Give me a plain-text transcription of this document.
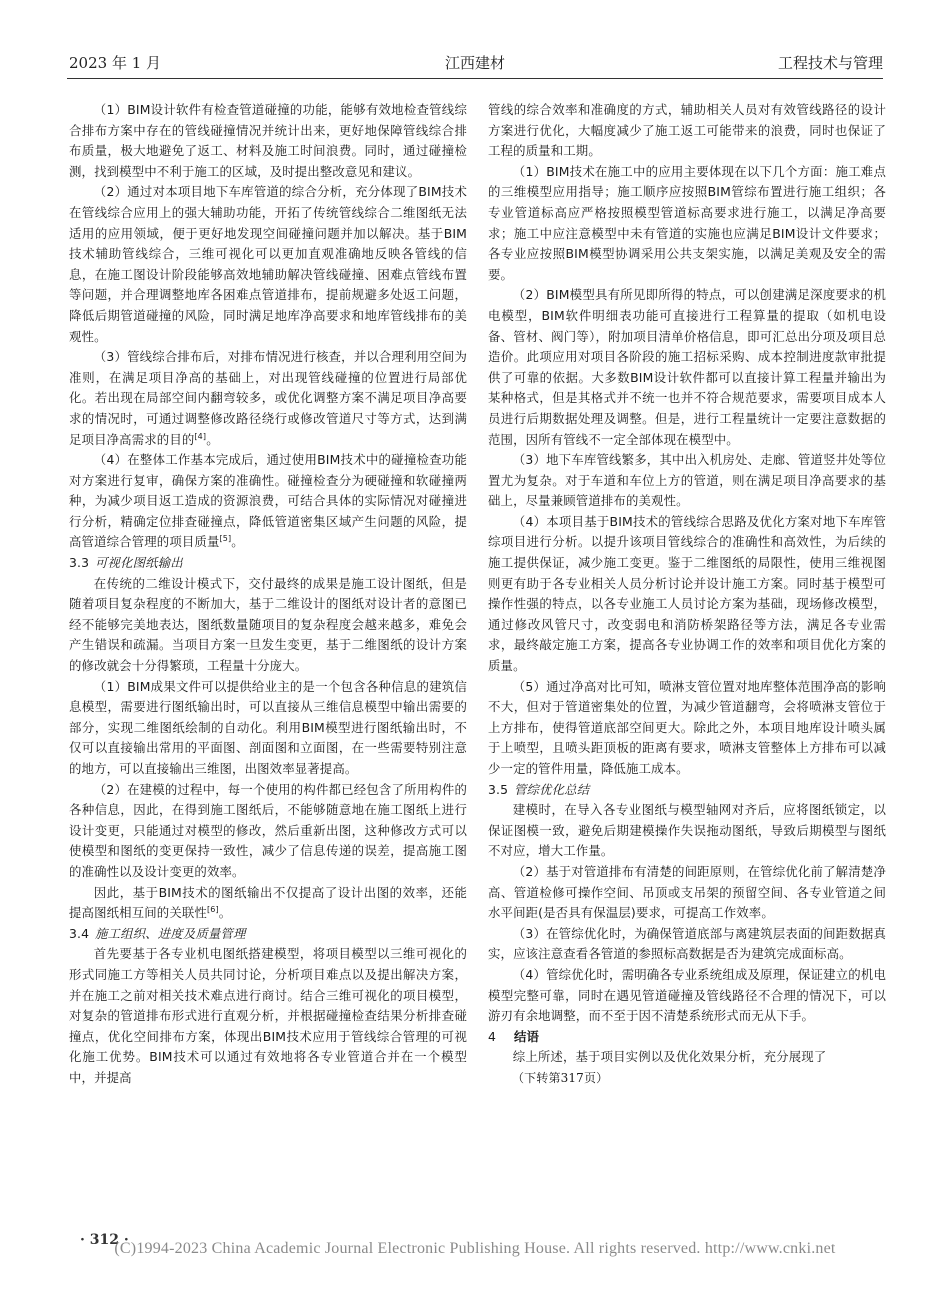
2023 年 1 月	江西建材	工程技术与管理

（1）BIM设计软件有检查管道碰撞的功能，能够有效地检查管线综合排布方案中存在的管线碰撞情况并统计出来，更好地保障管线综合排布质量，极大地避免了返工、材料及施工时间浪费。同时，通过碰撞检测，找到模型中不利于施工的区域，及时提出整改意见和建议。

（2）通过对本项目地下车库管道的综合分析，充分体现了BIM技术在管线综合应用上的强大辅助功能，开拓了传统管线综合二维图纸无法适用的应用领域，便于更好地发现空间碰撞问题并加以解决。基于BIM技术辅助管线综合，三维可视化可以更加直观准确地反映各管线的信息，在施工图设计阶段能够高效地辅助解决管线碰撞、困难点管线布置等问题，并合理调整地库各困难点管道排布，提前规避多处返工问题，降低后期管道碰撞的风险，同时满足地库净高要求和地库管线排布的美观性。

（3）管线综合排布后，对排布情况进行核查，并以合理利用空间为准则，在满足项目净高的基础上，对出现管线碰撞的位置进行局部优化。若出现在局部空间内翻弯较多，或优化调整方案不满足项目净高要求的情况时，可通过调整修改路径绕行或修改管道尺寸等方式，达到满足项目净高需求的目的[4]。

（4）在整体工作基本完成后，通过使用BIM技术中的碰撞检查功能对方案进行复审，确保方案的准确性。碰撞检查分为硬碰撞和软碰撞两种，为减少项目返工造成的资源浪费，可结合具体的实际情况对碰撞进行分析，精确定位排查碰撞点，降低管道密集区域产生问题的风险，提高管道综合管理的项目质量[5]。

3.3 可视化图纸输出

在传统的二维设计模式下，交付最终的成果是施工设计图纸，但是随着项目复杂程度的不断加大，基于二维设计的图纸对设计者的意图已经不能够完美地表达，图纸数量随项目的复杂程度会越来越多，难免会产生错误和疏漏。当项目方案一旦发生变更，基于二维图纸的设计方案的修改就会十分得繁琐，工程量十分庞大。

（1）BIM成果文件可以提供给业主的是一个包含各种信息的建筑信息模型，需要进行图纸输出时，可以直接从三维信息模型中输出需要的部分，实现二维图纸绘制的自动化。利用BIM模型进行图纸输出时，不仅可以直接输出常用的平面图、剖面图和立面图，在一些需要特别注意的地方，可以直接输出三维图，出图效率显著提高。

（2）在建模的过程中，每一个使用的构件都已经包含了所用构件的各种信息，因此，在得到施工图纸后，不能够随意地在施工图纸上进行设计变更，只能通过对模型的修改，然后重新出图，这种修改方式可以使模型和图纸的变更保持一致性，减少了信息传递的误差，提高施工图的准确性以及设计变更的效率。

因此，基于BIM技术的图纸输出不仅提高了设计出图的效率，还能提高图纸相互间的关联性[6]。

3.4 施工组织、进度及质量管理

首先要基于各专业机电图纸搭建模型，将项目模型以三维可视化的形式同施工方等相关人员共同讨论，分析项目难点以及提出解决方案，并在施工之前对相关技术难点进行商讨。结合三维可视化的项目模型，对复杂的管道排布形式进行直观分析，并根据碰撞检查结果分析排查碰撞点，优化空间排布方案，体现出BIM技术应用于管线综合管理的可视化施工优势。BIM技术可以通过有效地将各专业管道合并在一个模型中，并提高

管线的综合效率和准确度的方式，辅助相关人员对有效管线路径的设计方案进行优化，大幅度减少了施工返工可能带来的浪费，同时也保证了工程的质量和工期。

（1）BIM技术在施工中的应用主要体现在以下几个方面：施工难点的三维模型应用指导；施工顺序应按照BIM管综布置进行施工组织；各专业管道标高应严格按照模型管道标高要求进行施工，以满足净高要求；施工中应注意模型中未有管道的实施也应满足BIM设计文件要求；各专业应按照BIM模型协调采用公共支架实施，以满足美观及安全的需要。

（2）BIM模型具有所见即所得的特点，可以创建满足深度要求的机电模型，BIM软件明细表功能可直接进行工程算量的提取（如机电设备、管材、阀门等），附加项目清单价格信息，即可汇总出分项及项目总造价。此项应用对项目各阶段的施工招标采购、成本控制进度款审批提供了可靠的依据。大多数BIM设计软件都可以直接计算工程量并输出为某种格式，但是其格式并不统一也并不符合规范要求，需要项目成本人员进行后期数据处理及调整。但是，进行工程量统计一定要注意数据的范围，因所有管线不一定全部体现在模型中。

（3）地下车库管线繁多，其中出入机房处、走廊、管道竖井处等位置尤为复杂。对于车道和车位上方的管道，则在满足项目净高要求的基础上，尽量兼顾管道排布的美观性。

（4）本项目基于BIM技术的管线综合思路及优化方案对地下车库管综项目进行分析。以提升该项目管线综合的准确性和高效性，为后续的施工提供保证，减少施工变更。鉴于二维图纸的局限性，使用三维视图则更有助于各专业相关人员分析讨论并设计施工方案。同时基于模型可操作性强的特点，以各专业施工人员讨论方案为基础，现场修改模型，通过修改风管尺寸，改变弱电和消防桥架路径等方法，满足各专业需求，最终敲定施工方案，提高各专业协调工作的效率和项目优化方案的质量。

（5）通过净高对比可知，喷淋支管位置对地库整体范围净高的影响不大，但对于管道密集处的位置，为减少管道翻弯，会将喷淋支管位于上方排布，使得管道底部空间更大。除此之外，本项目地库设计喷头属于上喷型，且喷头距顶板的距离有要求，喷淋支管整体上方排布可以减少一定的管件用量，降低施工成本。

3.5 管综优化总结

建模时，在导入各专业图纸与模型轴网对齐后，应将图纸锁定，以保证图模一致，避免后期建模操作失误拖动图纸，导致后期模型与图纸不对应，增大工作量。

（2）基于对管道排布有清楚的间距原则，在管综优化前了解清楚净高、管道检修可操作空间、吊顶或支吊架的预留空间、各专业管道之间水平间距(是否具有保温层)要求，可提高工作效率。

（3）在管综优化时，为确保管道底部与离建筑层表面的间距数据真实，应该注意查看各管道的参照标高数据是否为建筑完成面标高。

（4）管综优化时，需明确各专业系统组成及原理，保证建立的机电模型完整可靠，同时在遇见管道碰撞及管线路径不合理的情况下，可以游刃有余地调整，而不至于因不清楚系统形式而无从下手。

4 结语

综上所述，基于项目实例以及优化效果分析，充分展现了

（下转第317页）

· 312 ·
(C)1994-2023 China Academic Journal Electronic Publishing House. All rights reserved. http://www.cnki.net
